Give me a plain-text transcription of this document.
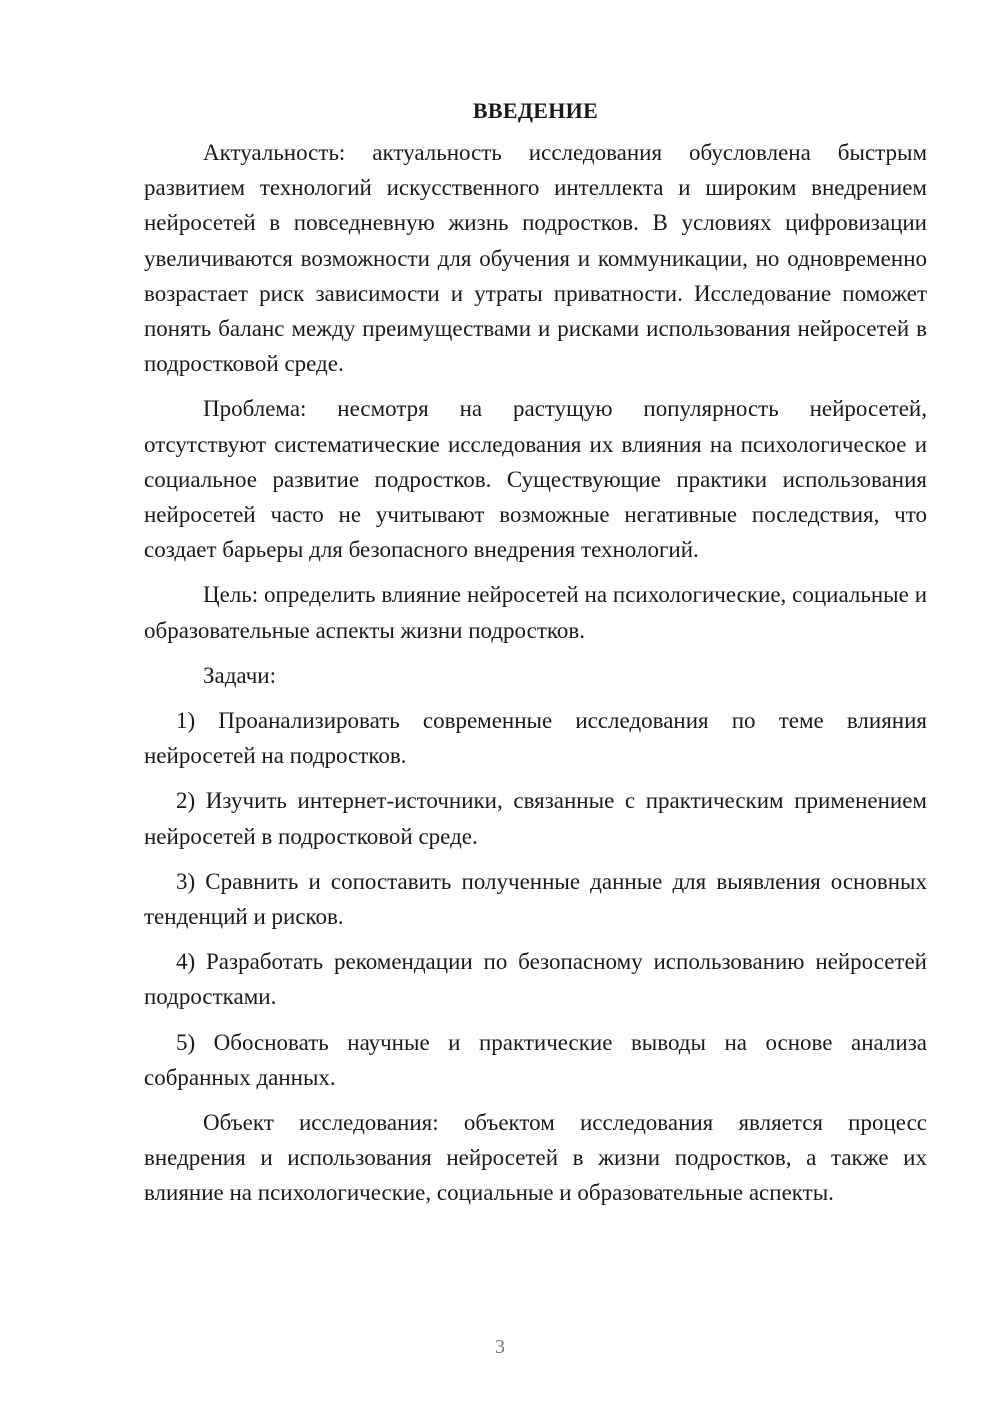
ВВЕДЕНИЕ

Актуальность: актуальность исследования обусловлена быстрым развитием технологий искусственного интеллекта и широким внедрением нейросетей в повседневную жизнь подростков. В условиях цифровизации увеличиваются возможности для обучения и коммуникации, но одновременно возрастает риск зависимости и утраты приватности. Исследование поможет понять баланс между преимуществами и рисками использования нейросетей в подростковой среде.

Проблема: несмотря на растущую популярность нейросетей, отсутствуют систематические исследования их влияния на психологическое и социальное развитие подростков. Существующие практики использования нейросетей часто не учитывают возможные негативные последствия, что создает барьеры для безопасного внедрения технологий.

Цель: определить влияние нейросетей на психологические, социальные и образовательные аспекты жизни подростков.

Задачи:

1) Проанализировать современные исследования по теме влияния нейросетей на подростков.

2) Изучить интернет-источники, связанные с практическим применением нейросетей в подростковой среде.

3) Сравнить и сопоставить полученные данные для выявления основных тенденций и рисков.

4) Разработать рекомендации по безопасному использованию нейросетей подростками.

5) Обосновать научные и практические выводы на основе анализа собранных данных.

Объект исследования: объектом исследования является процесс внедрения и использования нейросетей в жизни подростков, а также их влияние на психологические, социальные и образовательные аспекты.

3
